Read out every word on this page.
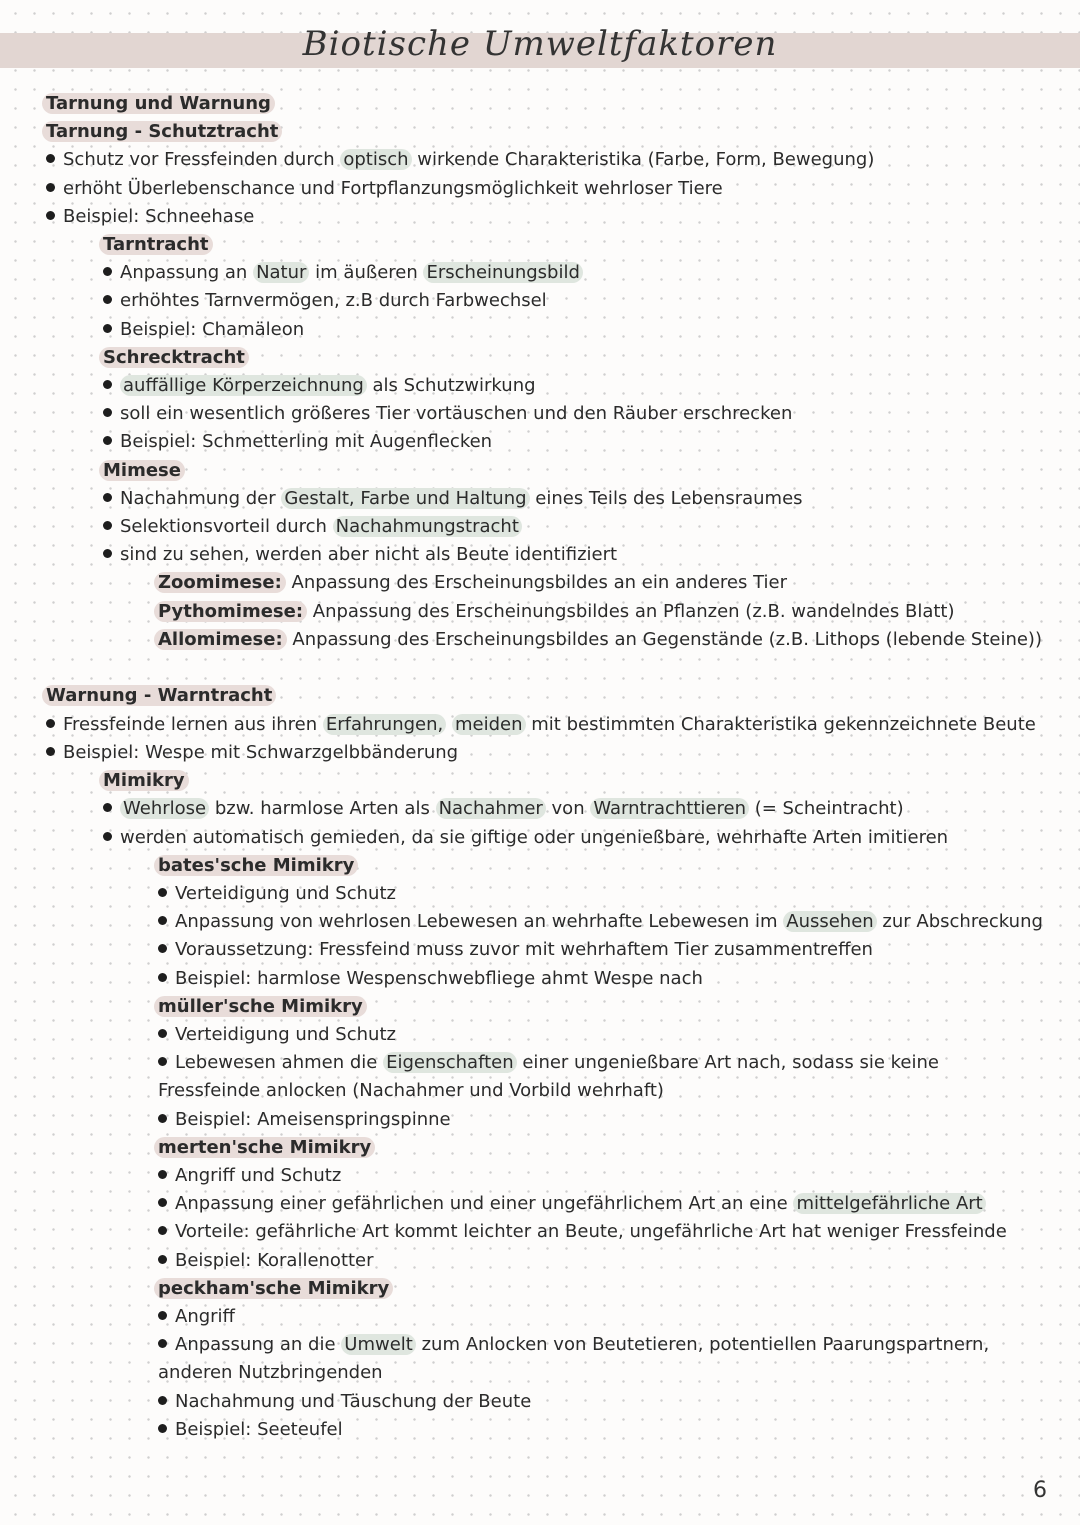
Biotische Umweltfaktoren
Tarnung und Warnung
Tarnung - Schutztracht
Schutz vor Fressfeinden durch optisch wirkende Charakteristika (Farbe, Form, Bewegung)
erhöht Überlebenschance und Fortpflanzungsmöglichkeit wehrloser Tiere
Beispiel: Schneehase
Tarntracht
Anpassung an Natur im äußeren Erscheinungsbild
erhöhtes Tarnvermögen, z.B durch Farbwechsel
Beispiel: Chamäleon
Schrecktracht
auffällige Körperzeichnung als Schutzwirkung
soll ein wesentlich größeres Tier vortäuschen und den Räuber erschrecken
Beispiel: Schmetterling mit Augenflecken
Mimese
Nachahmung der Gestalt, Farbe und Haltung eines Teils des Lebensraumes
Selektionsvorteil durch Nachahmungstracht
sind zu sehen, werden aber nicht als Beute identifiziert
Zoomimese: Anpassung des Erscheinungsbildes an ein anderes Tier
Pythomimese: Anpassung des Erscheinungsbildes an Pflanzen (z.B. wandelndes Blatt)
Allomimese: Anpassung des Erscheinungsbildes an Gegenstände (z.B. Lithops (lebende Steine))
Warnung - Warntracht
Fressfeinde lernen aus ihren Erfahrungen, meiden mit bestimmten Charakteristika gekennzeichnete Beute
Beispiel: Wespe mit Schwarzgelbbänderung
Mimikry
Wehrlose bzw. harmlose Arten als Nachahmer von Warntrachttieren (= Scheintracht)
werden automatisch gemieden, da sie giftige oder ungenießbare, wehrhafte Arten imitieren
bates'sche Mimikry
Verteidigung und Schutz
Anpassung von wehrlosen Lebewesen an wehrhafte Lebewesen im Aussehen zur Abschreckung
Voraussetzung: Fressfeind muss zuvor mit wehrhaftem Tier zusammentreffen
Beispiel: harmlose Wespenschwebfliege ahmt Wespe nach
müller'sche Mimikry
Verteidigung und Schutz
Lebewesen ahmen die Eigenschaften einer ungenießbare Art nach, sodass sie keine
Fressfeinde anlocken (Nachahmer und Vorbild wehrhaft)
Beispiel: Ameisenspringspinne
merten'sche Mimikry
Angriff und Schutz
Anpassung einer gefährlichen und einer ungefährlichem Art an eine mittelgefährliche Art
Vorteile: gefährliche Art kommt leichter an Beute, ungefährliche Art hat weniger Fressfeinde
Beispiel: Korallenotter
peckham'sche Mimikry
Angriff
Anpassung an die Umwelt zum Anlocken von Beutetieren, potentiellen Paarungspartnern,
anderen Nutzbringenden
Nachahmung und Täuschung der Beute
Beispiel: Seeteufel
6
